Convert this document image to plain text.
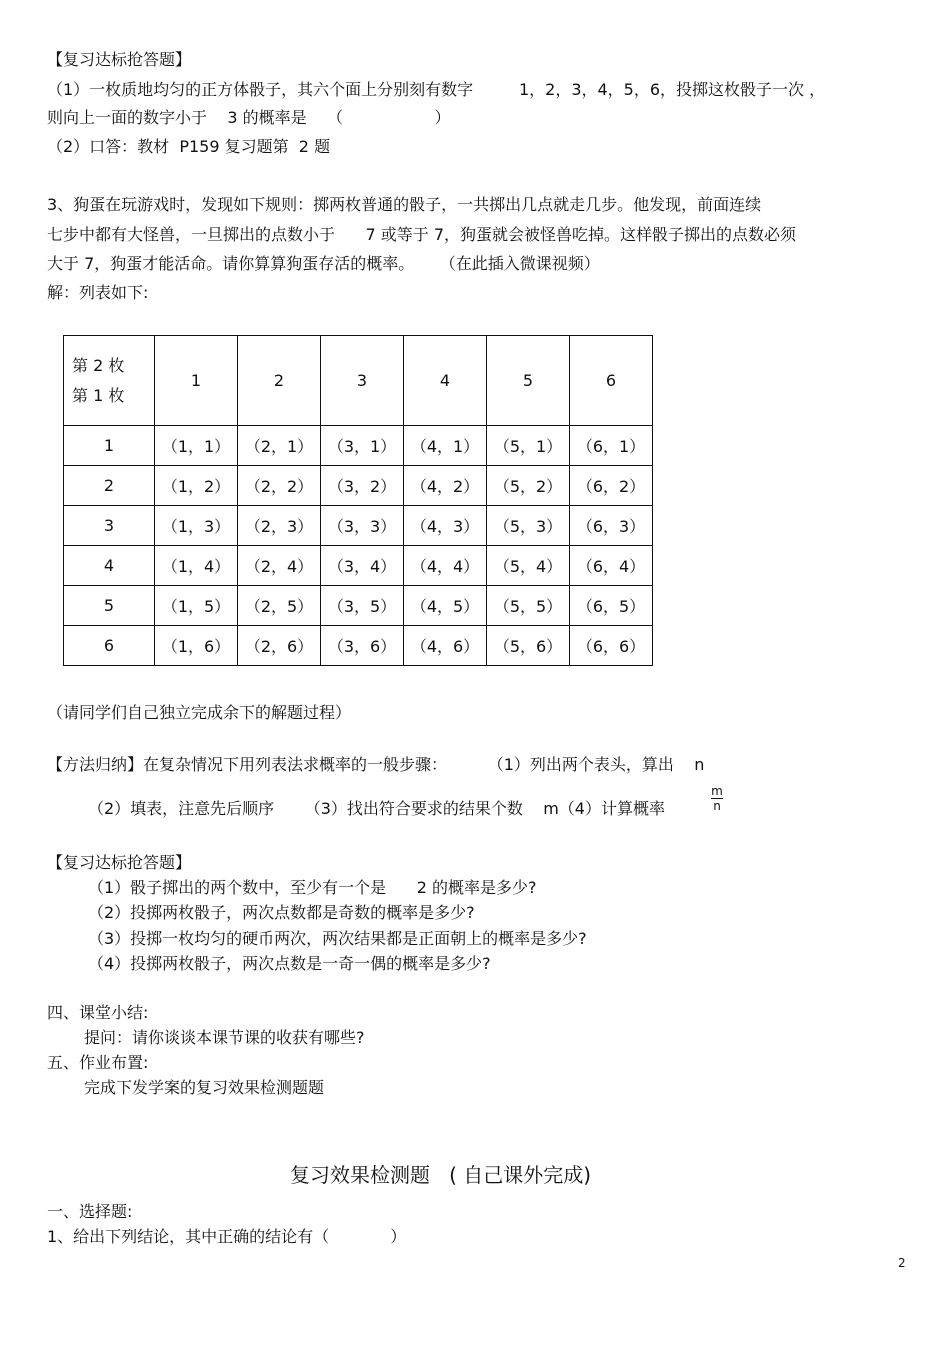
【复习达标抢答题】
（1）一枚质地均匀的正方体骰子，其六个面上分别刻有数字         1，2，3，4，5，6，投掷这枚骰子一次 ，
则向上一面的数字小于    3 的概率是    （                  ）
（2）口答：教材  P159 复习题第  2 题
3、狗蛋在玩游戏时，发现如下规则：掷两枚普通的骰子，一共掷出几点就走几步。他发现，前面连续
七步中都有大怪兽，一旦掷出的点数小于      7 或等于 7，狗蛋就会被怪兽吃掉。这样骰子掷出的点数必须
大于 7，狗蛋才能活命。请你算算狗蛋存活的概率。     （在此插入微课视频）
解：列表如下:
第 2 枚
第 1 枚	1	2	3	4	5	6
1	（1，1）	（2，1）	（3，1）	（4，1）	（5，1）	（6，1）
2	（1，2）	（2，2）	（3，2）	（4，2）	（5，2）	（6，2）
3	（1，3）	（2，3）	（3，3）	（4，3）	（5，3）	（6，3）
4	（1，4）	（2，4）	（3，4）	（4，4）	（5，4）	（6，4）
5	（1，5）	（2，5）	（3，5）	（4，5）	（5，5）	（6，5）
6	（1，6）	（2，6）	（3，6）	（4，6）	（5，6）	（6，6）
（请同学们自己独立完成余下的解题过程）
【方法归纳】在复杂情况下用列表法求概率的一般步骤：        （1）列出两个表头，算出    n
（2）填表，注意先后顺序      （3）找出符合要求的结果个数    m（4）计算概率
m
n
【复习达标抢答题】
（1）骰子掷出的两个数中，至少有一个是      2 的概率是多少?
（2）投掷两枚骰子，两次点数都是奇数的概率是多少?
（3）投掷一枚均匀的硬币两次，两次结果都是正面朝上的概率是多少?
（4）投掷两枚骰子，两次点数是一奇一偶的概率是多少?
四、课堂小结:
提问：请你谈谈本课节课的收获有哪些?
五、作业布置:
完成下发学案的复习效果检测题题
复习效果检测题   ( 自己课外完成)
一、选择题:
1、给出下列结论，其中正确的结论有（            ）
2
